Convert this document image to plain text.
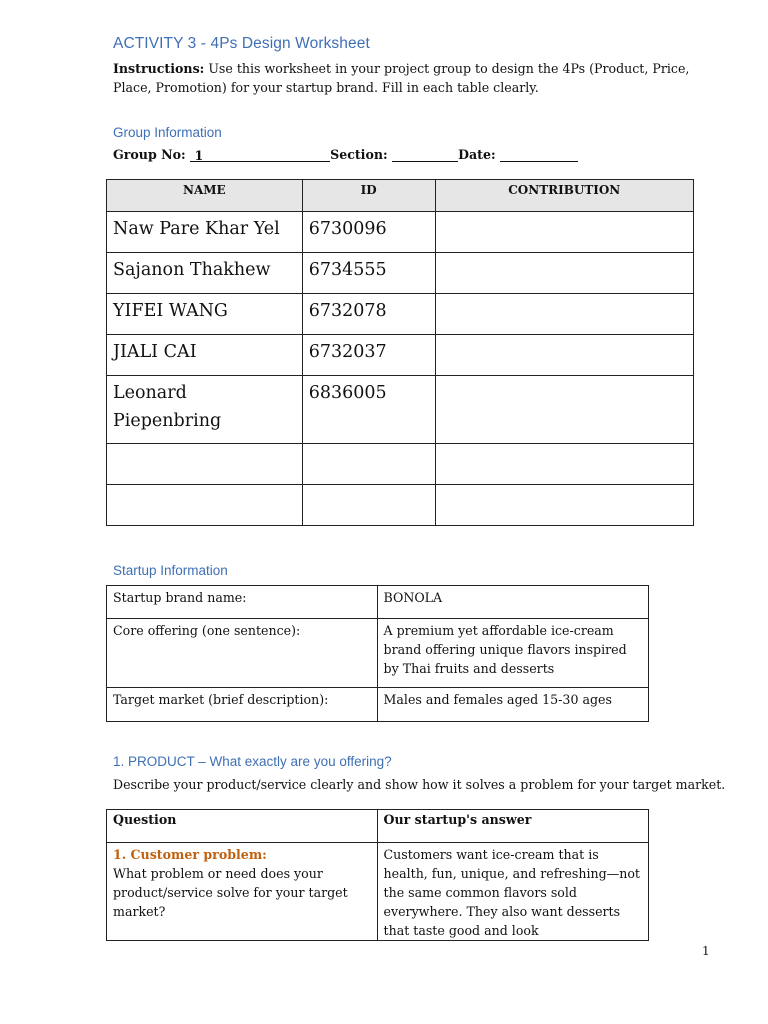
ACTIVITY 3 - 4Ps Design Worksheet
Instructions: Use this worksheet in your project group to design the 4Ps (Product, Price, Place, Promotion) for your startup brand. Fill in each table clearly.
Group Information
Group No: 1	Section:	Date:
NAME	ID	CONTRIBUTION
Naw Pare Khar Yel	6730096	
Sajanon Thakhew	6734555	
YIFEI WANG	6732078	
JIALI CAI	6732037	
Leonard Piepenbring	6836005	

Startup Information
Startup brand name:	BONOLA
Core offering (one sentence):	A premium yet affordable ice-cream brand offering unique flavors inspired by Thai fruits and desserts
Target market (brief description):	Males and females aged 15-30 ages
1. PRODUCT – What exactly are you offering?
Describe your product/service clearly and show how it solves a problem for your target market.
Question	Our startup's answer

1. Customer problem:
What problem or need does your product/service solve for your target market?	Customers want ice-cream that is health, fun, unique, and refreshing—not the same common flavors sold everywhere. They also want desserts that taste good and look
1
